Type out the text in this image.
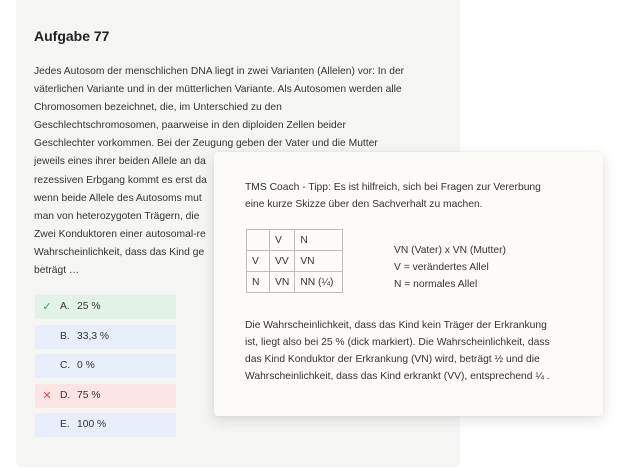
Aufgabe 77
Jedes Autosom der menschlichen DNA liegt in zwei Varianten (Allelen) vor: In der
väterlichen Variante und in der mütterlichen Variante. Als Autosomen werden alle
Chromosomen bezeichnet, die, im Unterschied zu den
Geschlechtschromosomen, paarweise in den diploiden Zellen beider
Geschlechter vorkommen. Bei der Zeugung geben der Vater und die Mutter
jeweils eines ihrer beiden Allele an da
rezessiven Erbgang kommt es erst da
wenn beide Allele des Autosoms mut
man von heterozygoten Trägern, die
Zwei Konduktoren einer autosomal-re
Wahrscheinlichkeit, dass das Kind ge
beträgt …
✓ A. 25 %
B. 33,3 %
C. 0 %
✕ D. 75 %
E. 100 %
TMS Coach - Tipp: Es ist hilfreich, sich bei Fragen zur Vererbung
eine kurze Skizze über den Sachverhalt zu machen.
	V	N
V	VV	VN
N	VN	NN (¼)
VN (Vater) x VN (Mutter)
V = verändertes Allel
N = normales Allel
Die Wahrscheinlichkeit, dass das Kind kein Träger der Erkrankung
ist, liegt also bei 25 % (dick markiert). Die Wahrscheinlichkeit, dass
das Kind Konduktor der Erkrankung (VN) wird, beträgt ½ und die
Wahrscheinlichkeit, dass das Kind erkrankt (VV), entsprechend ¼ .
